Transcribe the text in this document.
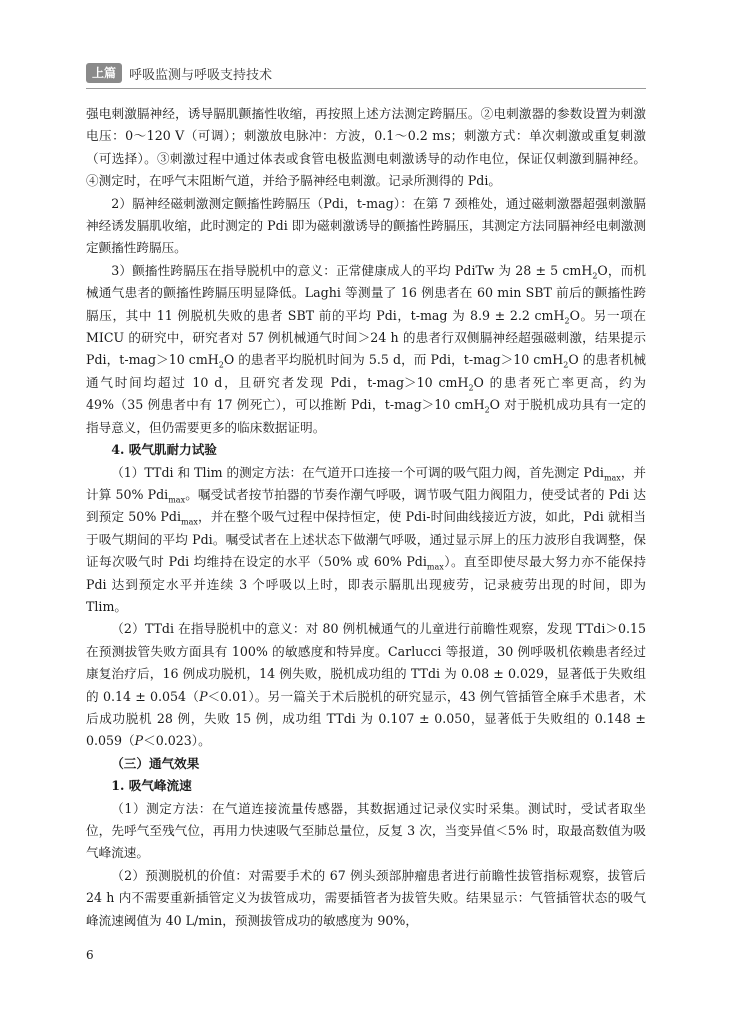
上篇	呼吸监测与呼吸支持技术

强电刺激膈神经，诱导膈肌颤搐性收缩，再按照上述方法测定跨膈压。②电刺激器的参数设置为刺激电压：0～120 V（可调）；刺激放电脉冲：方波，0.1～0.2 ms；刺激方式：单次刺激或重复刺激（可选择）。③刺激过程中通过体表或食管电极监测电刺激诱导的动作电位，保证仅刺激到膈神经。④测定时，在呼气末阻断气道，并给予膈神经电刺激。记录所测得的 Pdi。

2）膈神经磁刺激测定颤搐性跨膈压（Pdi，t-mag）：在第 7 颈椎处，通过磁刺激器超强刺激膈神经诱发膈肌收缩，此时测定的 Pdi 即为磁刺激诱导的颤搐性跨膈压，其测定方法同膈神经电刺激测定颤搐性跨膈压。

3）颤搐性跨膈压在指导脱机中的意义：正常健康成人的平均 PdiTw 为 28 ± 5 cmH$_2$O，而机械通气患者的颤搐性跨膈压明显降低。Laghi 等测量了 16 例患者在 60 min SBT 前后的颤搐性跨膈压，其中 11 例脱机失败的患者 SBT 前的平均 Pdi，t-mag 为 8.9 ± 2.2 cmH$_2$O。另一项在 MICU 的研究中，研究者对 57 例机械通气时间＞24 h 的患者行双侧膈神经超强磁刺激，结果提示 Pdi，t-mag＞10 cmH$_2$O 的患者平均脱机时间为 5.5 d，而 Pdi，t-mag＞10 cmH$_2$O 的患者机械通气时间均超过 10 d，且研究者发现 Pdi，t-mag＞10 cmH$_2$O 的患者死亡率更高，约为 49%（35 例患者中有 17 例死亡），可以推断 Pdi，t-mag＞10 cmH$_2$O 对于脱机成功具有一定的指导意义，但仍需要更多的临床数据证明。

4. 吸气肌耐力试验

（1）TTdi 和 Tlim 的测定方法：在气道开口连接一个可调的吸气阻力阀，首先测定 Pdi$_{max}$，并计算 50% Pdi$_{max}$。嘱受试者按节拍器的节奏作潮气呼吸，调节吸气阻力阀阻力，使受试者的 Pdi 达到预定 50% Pdi$_{max}$，并在整个吸气过程中保持恒定，使 Pdi-时间曲线接近方波，如此，Pdi 就相当于吸气期间的平均 Pdi。嘱受试者在上述状态下做潮气呼吸，通过显示屏上的压力波形自我调整，保证每次吸气时 Pdi 均维持在设定的水平（50% 或 60% Pdi$_{max}$）。直至即使尽最大努力亦不能保持 Pdi 达到预定水平并连续 3 个呼吸以上时，即表示膈肌出现疲劳，记录疲劳出现的时间，即为 Tlim。

（2）TTdi 在指导脱机中的意义：对 80 例机械通气的儿童进行前瞻性观察，发现 TTdi＞0.15 在预测拔管失败方面具有 100% 的敏感度和特异度。Carlucci 等报道，30 例呼吸机依赖患者经过康复治疗后，16 例成功脱机，14 例失败，脱机成功组的 TTdi 为 0.08 ± 0.029，显著低于失败组的 0.14 ± 0.054（P＜0.01）。另一篇关于术后脱机的研究显示，43 例气管插管全麻手术患者，术后成功脱机 28 例，失败 15 例，成功组 TTdi 为 0.107 ± 0.050，显著低于失败组的 0.148 ± 0.059（P＜0.023）。

（三）通气效果

1. 吸气峰流速

（1）测定方法：在气道连接流量传感器，其数据通过记录仪实时采集。测试时，受试者取坐位，先呼气至残气位，再用力快速吸气至肺总量位，反复 3 次，当变异值＜5% 时，取最高数值为吸气峰流速。

（2）预测脱机的价值：对需要手术的 67 例头颈部肿瘤患者进行前瞻性拔管指标观察，拔管后 24 h 内不需要重新插管定义为拔管成功，需要插管者为拔管失败。结果显示：气管插管状态的吸气峰流速阈值为 40 L/min，预测拔管成功的敏感度为 90%，

6
